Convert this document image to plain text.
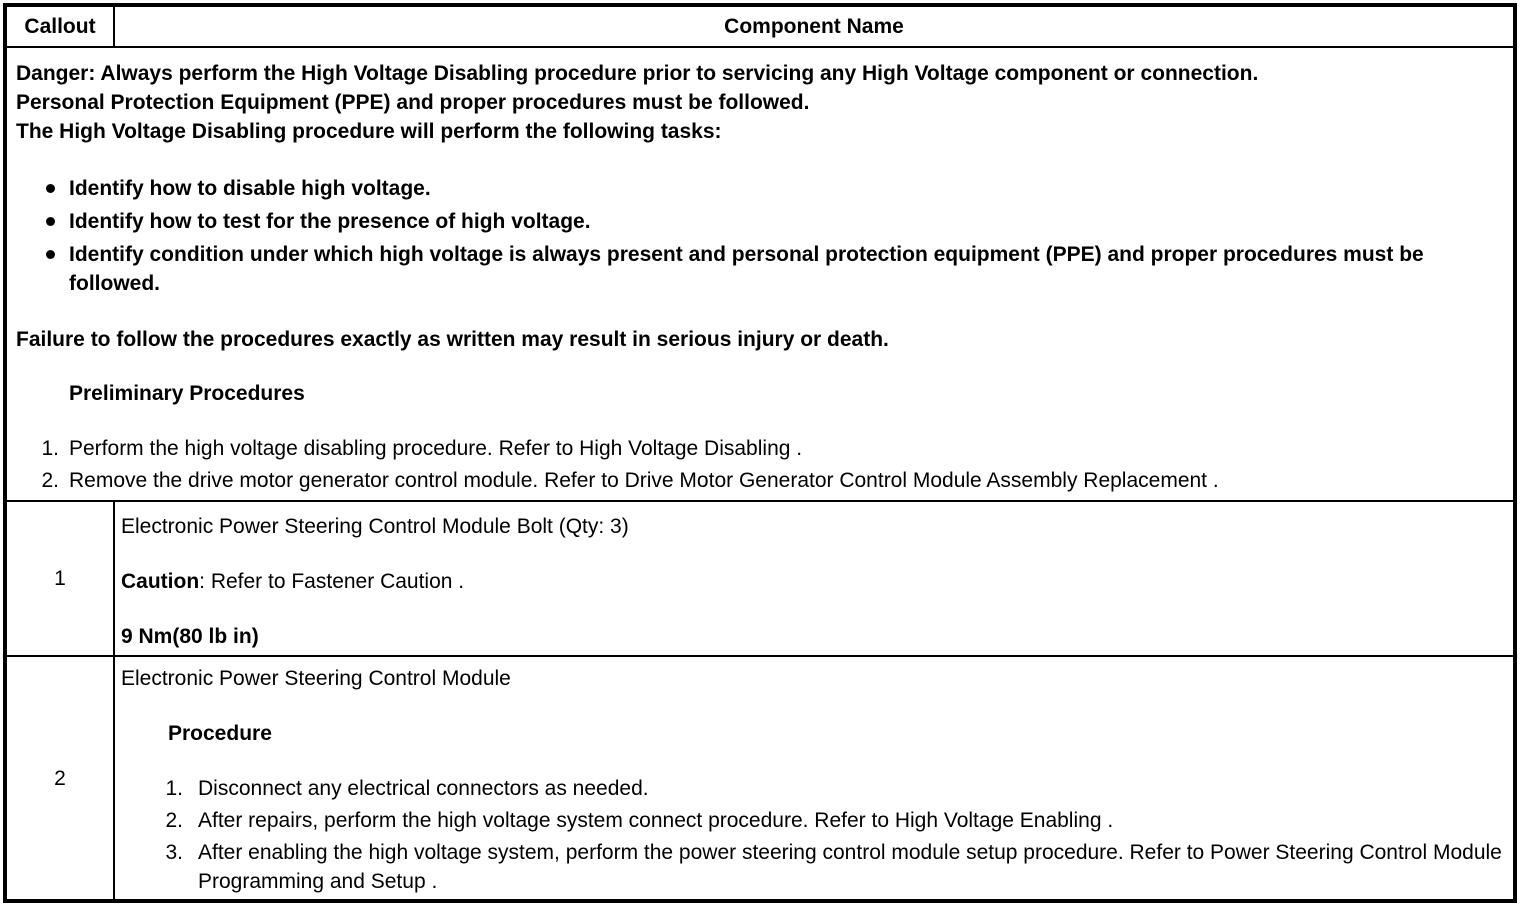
Callout	Component Name
Danger: Always perform the High Voltage Disabling procedure prior to servicing any High Voltage component or connection.
Personal Protection Equipment (PPE) and proper procedures must be followed.
The High Voltage Disabling procedure will perform the following tasks:
Identify how to disable high voltage.
Identify how to test for the presence of high voltage.
Identify condition under which high voltage is always present and personal protection equipment (PPE) and proper procedures must be followed.
Failure to follow the procedures exactly as written may result in serious injury or death.
Preliminary Procedures
1. Perform the high voltage disabling procedure. Refer to High Voltage Disabling .
2. Remove the drive motor generator control module. Refer to Drive Motor Generator Control Module Assembly Replacement .
1
Electronic Power Steering Control Module Bolt (Qty: 3)
Caution: Refer to Fastener Caution .
9 Nm(80 lb in)
2
Electronic Power Steering Control Module
Procedure
1. Disconnect any electrical connectors as needed.
2. After repairs, perform the high voltage system connect procedure. Refer to High Voltage Enabling .
3. After enabling the high voltage system, perform the power steering control module setup procedure. Refer to Power Steering Control Module Programming and Setup .
